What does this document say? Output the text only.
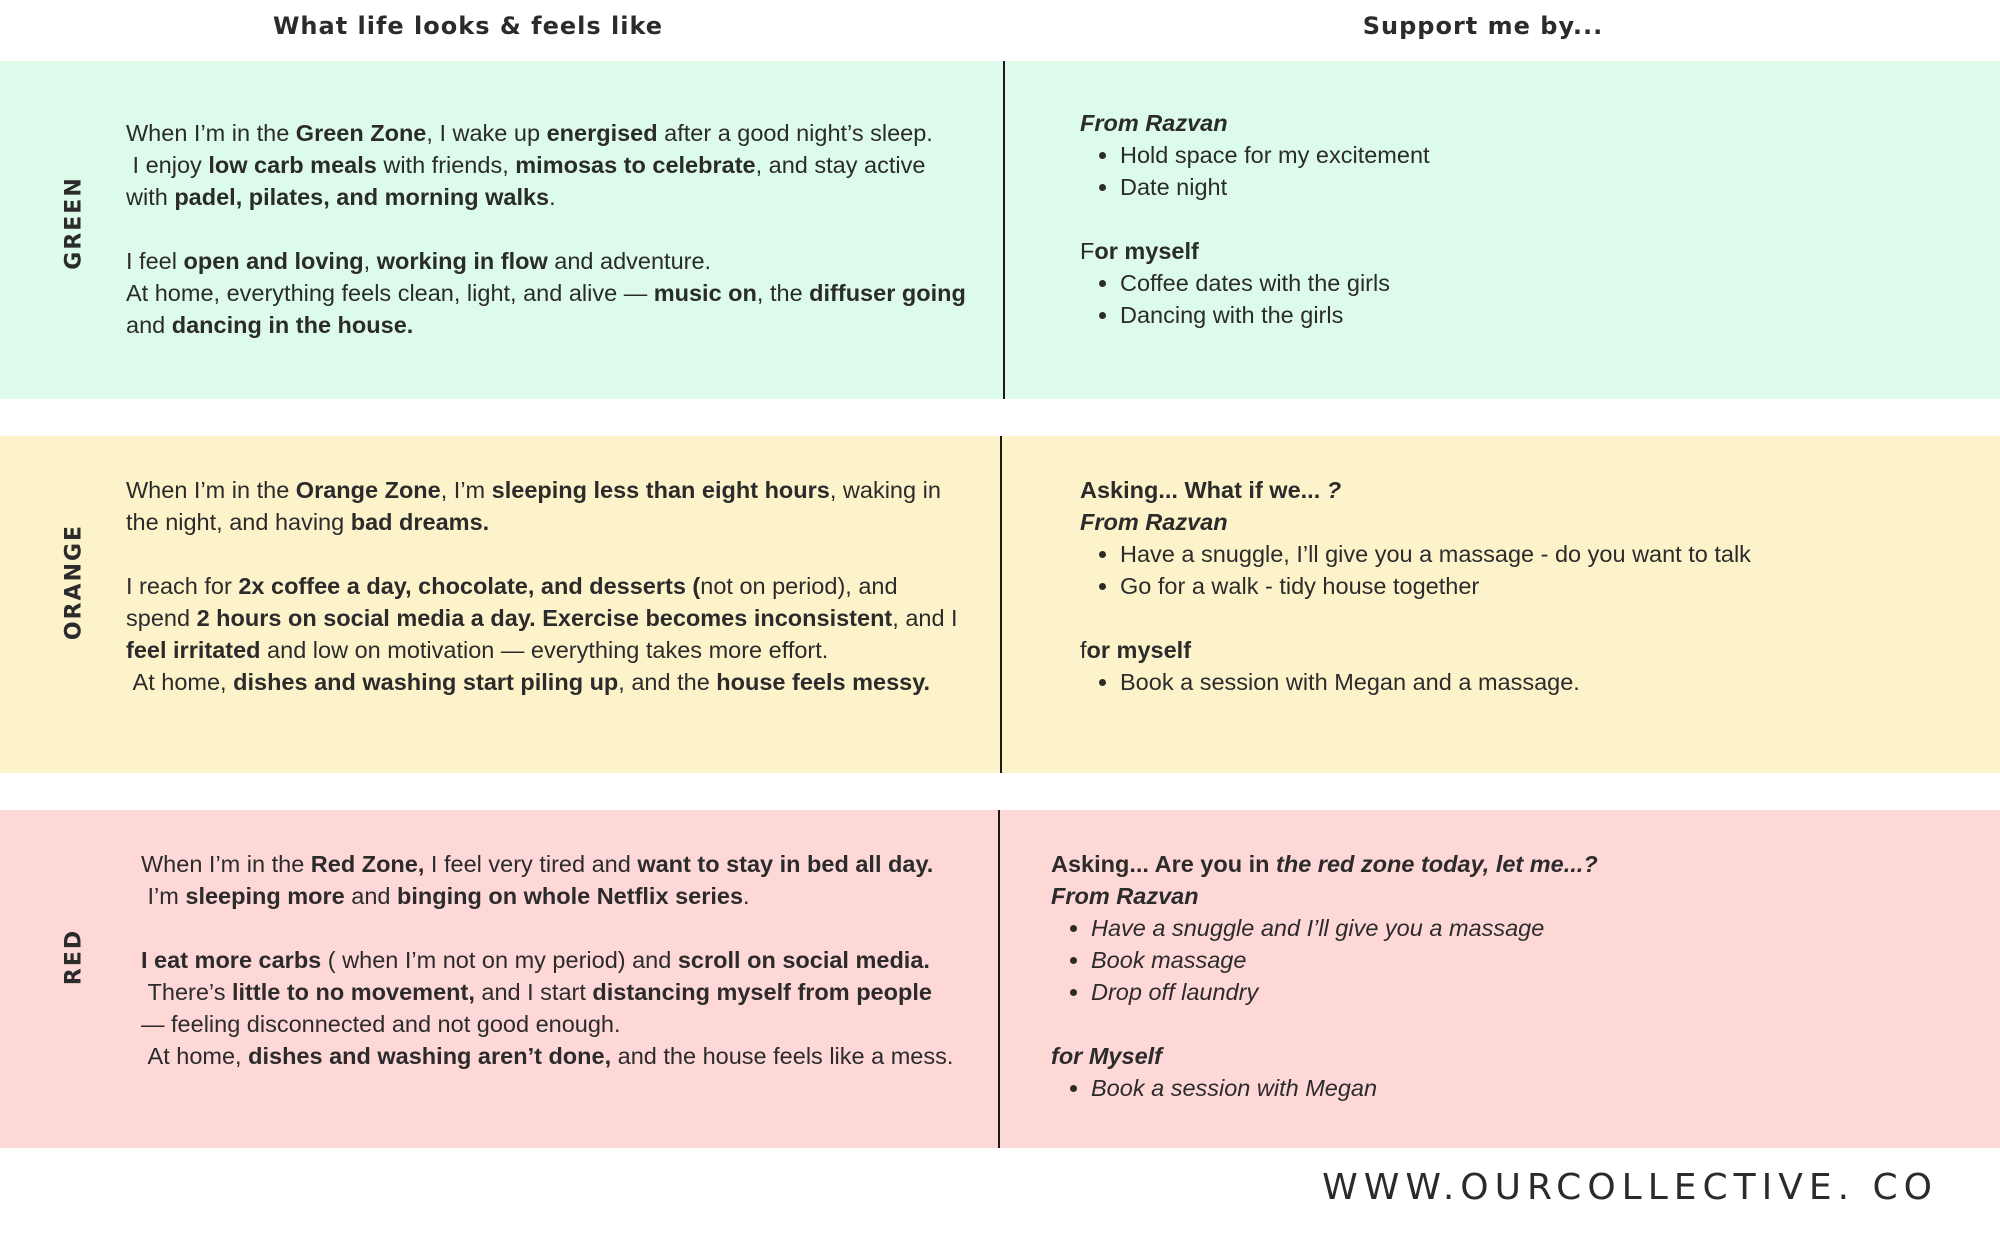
What life looks & feels like	Support me by...
GREEN

When I’m in the Green Zone, I wake up energised after a good night’s sleep.
I enjoy low carb meals with friends, mimosas to celebrate, and stay active with padel, pilates, and morning walks.

I feel open and loving, working in flow and adventure.
At home, everything feels clean, light, and alive — music on, the diffuser going and dancing in the house.

From Razvan
• Hold space for my excitement
• Date night
For myself
• Coffee dates with the girls
• Dancing with the girls
ORANGE

When I’m in the Orange Zone, I’m sleeping less than eight hours, waking in the night, and having bad dreams.

I reach for 2x coffee a day, chocolate, and desserts (not on period), and spend 2 hours on social media a day. Exercise becomes inconsistent, and I feel irritated and low on motivation — everything takes more effort.
At home, dishes and washing start piling up, and the house feels messy.

Asking... What if we... ?
From Razvan
• Have a snuggle, I’ll give you a massage - do you want to talk
• Go for a walk - tidy house together
for myself
• Book a session with Megan and a massage.
RED

When I’m in the Red Zone, I feel very tired and want to stay in bed all day.
I’m sleeping more and binging on whole Netflix series.

I eat more carbs ( when I’m not on my period) and scroll on social media.
There’s little to no movement, and I start distancing myself from people
— feeling disconnected and not good enough.
At home, dishes and washing aren’t done, and the house feels like a mess.

Asking... Are you in the red zone today, let me...?
From Razvan
• Have a snuggle and I’ll give you a massage
• Book massage
• Drop off laundry
for Myself
• Book a session with Megan
WWW.OURCOLLECTIVE. CO
